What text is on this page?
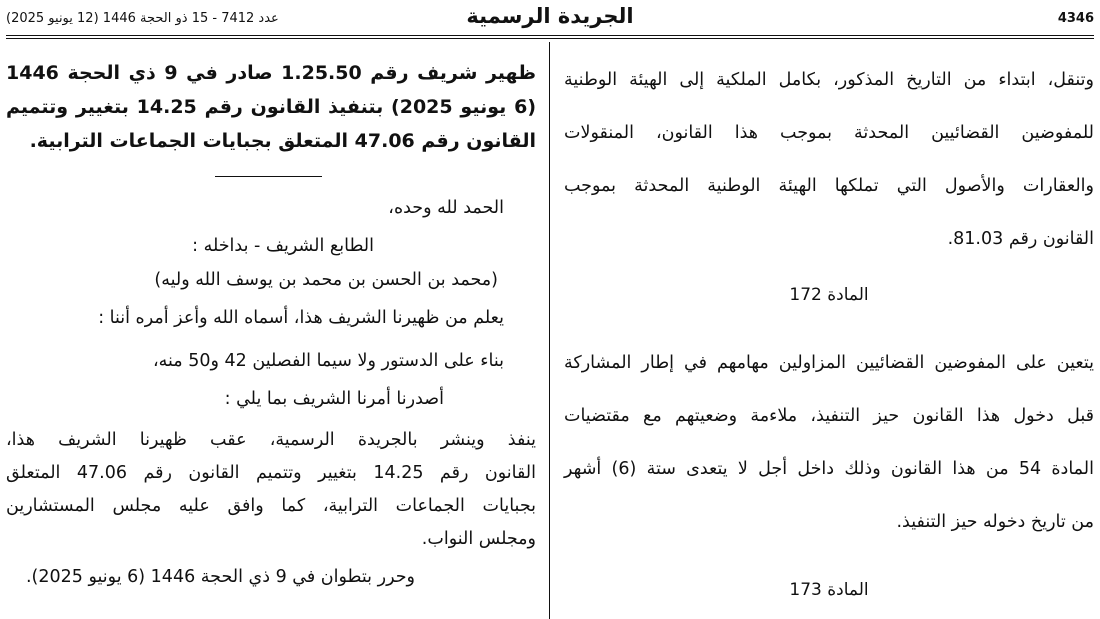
عدد 7412 - 15 ذو الحجة 1446 (12 يونيو 2025)	الجريدة الرسمية	4346
وتنقل، ابتداء من التاريخ المذكور، بكامل الملكية إلى الهيئة الوطنية
للمفوضين القضائيين المحدثة بموجب هذا القانون، المنقولات
والعقارات والأصول التي تملكها الهيئة الوطنية المحدثة بموجب
القانون رقم 81.03.
المادة 172
يتعين على المفوضين القضائيين المزاولين مهامهم في إطار المشاركة
قبل دخول هذا القانون حيز التنفيذ، ملاءمة وضعيتهم مع مقتضيات
المادة 54 من هذا القانون وذلك داخل أجل لا يتعدى ستة (6) أشهر
من تاريخ دخوله حيز التنفيذ.
المادة 173
ظهير شريف رقم 1.25.50 صادر في 9 ذي الحجة 1446
(6 يونيو 2025) بتنفيذ القانون رقم 14.25 بتغيير وتتميم
القانون رقم 47.06 المتعلق بجبايات الجماعات الترابية.
الحمد لله وحده،
الطابع الشريف - بداخله :
(محمد بن الحسن بن محمد بن يوسف الله وليه)
يعلم من ظهيرنا الشريف هذا، أسماه الله وأعز أمره أننا :
بناء على الدستور ولا سيما الفصلين 42 و50 منه،
أصدرنا أمرنا الشريف بما يلي :
ينفذ وينشر بالجريدة الرسمية، عقب ظهيرنا الشريف هذا،
القانون رقم 14.25 بتغيير وتتميم القانون رقم 47.06 المتعلق
بجبايات الجماعات الترابية، كما وافق عليه مجلس المستشارين
ومجلس النواب.
وحرر بتطوان في 9 ذي الحجة 1446 (6 يونيو 2025).
